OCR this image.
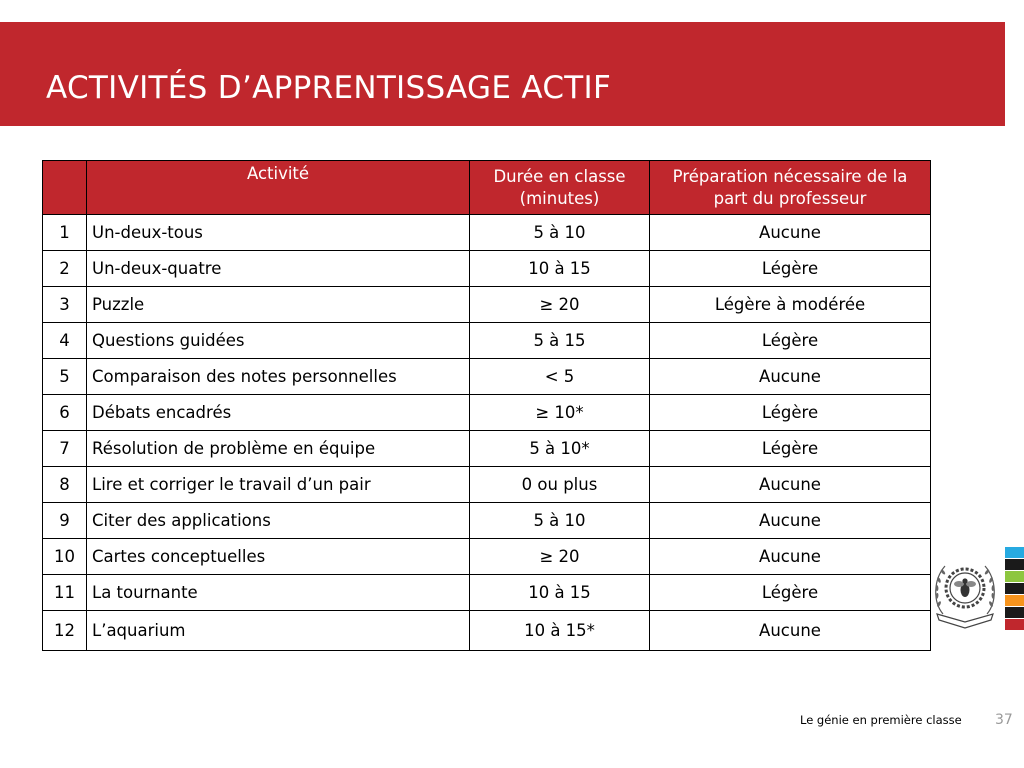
ACTIVITÉS D’APPRENTISSAGE ACTIF
	Activité	Durée en classe (minutes)	Préparation nécessaire de la part du professeur
1	Un-deux-tous	5 à 10	Aucune
2	Un-deux-quatre	10 à 15	Légère
3	Puzzle	≥ 20	Légère à modérée
4	Questions guidées	5 à 15	Légère
5	Comparaison des notes personnelles	< 5	Aucune
6	Débats encadrés	≥ 10*	Légère
7	Résolution de problème en équipe	5 à 10*	Légère
8	Lire et corriger le travail d’un pair	0 ou plus	Aucune
9	Citer des applications	5 à 10	Aucune
10	Cartes conceptuelles	≥ 20	Aucune
11	La tournante	10 à 15	Légère
12	L’aquarium	10 à 15*	Aucune
Le génie en première classe 37
